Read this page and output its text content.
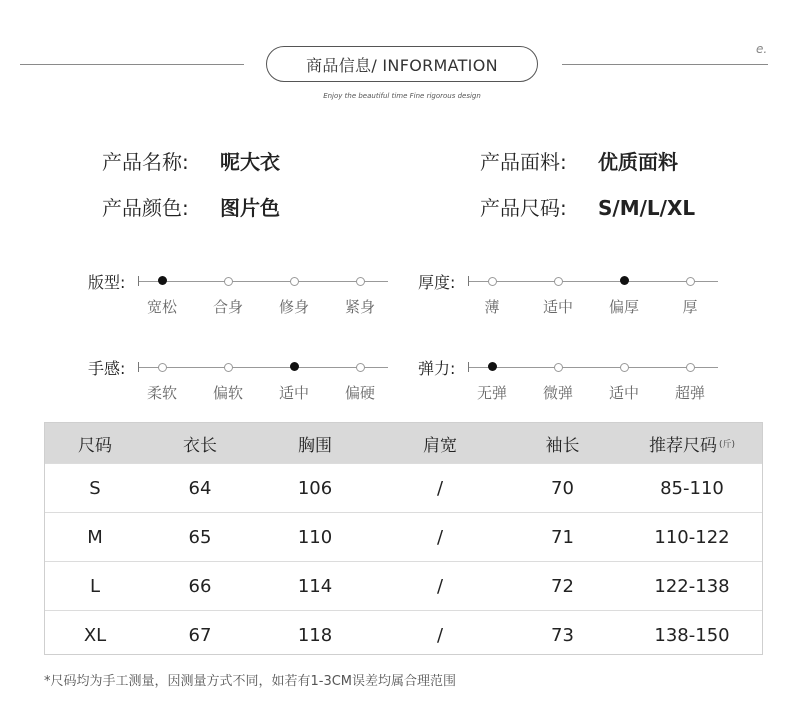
商品信息/ INFORMATION
Enjoy the beautiful time Fine rigorous design
e.
产品名称: 呢大衣	产品面料: 优质面料
产品颜色: 图片色	产品尺码: S/M/L/XL
版型:
宽松	合身	修身	紧身
厚度:
薄	适中	偏厚	厚
手感:
柔软	偏软	适中	偏硬
弹力:
无弹	微弹	适中	超弹
尺码	衣长	胸围	肩宽	袖长	推荐尺码 (斤)
S	64	106	/	70	85-110
M	65	110	/	71	110-122
L	66	114	/	72	122-138
XL	67	118	/	73	138-150
*尺码均为手工测量，因测量方式不同，如若有1-3CM误差均属合理范围
